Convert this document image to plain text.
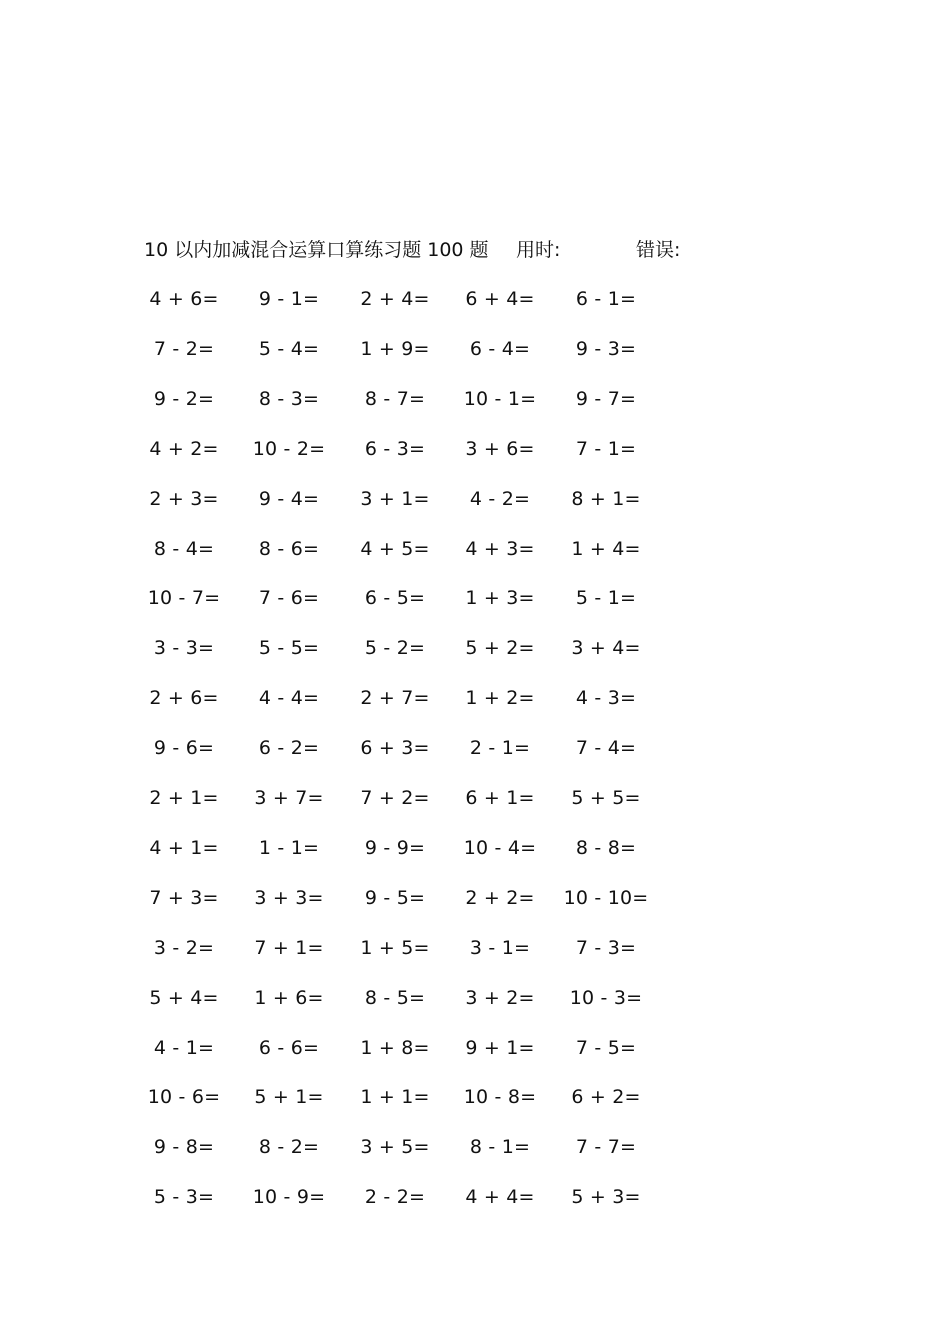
10 以内加减混合运算口算练习题 100 题 用时:	错误:
4 + 6= 9 - 1= 2 + 4= 6 + 4= 6 - 1=
7 - 2= 5 - 4= 1 + 9= 6 - 4= 9 - 3=
9 - 2= 8 - 3= 8 - 7= 10 - 1= 9 - 7=
4 + 2= 10 - 2= 6 - 3= 3 + 6= 7 - 1=
2 + 3= 9 - 4= 3 + 1= 4 - 2= 8 + 1=
8 - 4= 8 - 6= 4 + 5= 4 + 3= 1 + 4=
10 - 7= 7 - 6= 6 - 5= 1 + 3= 5 - 1=
3 - 3= 5 - 5= 5 - 2= 5 + 2= 3 + 4=
2 + 6= 4 - 4= 2 + 7= 1 + 2= 4 - 3=
9 - 6= 6 - 2= 6 + 3= 2 - 1= 7 - 4=
2 + 1= 3 + 7= 7 + 2= 6 + 1= 5 + 5=
4 + 1= 1 - 1= 9 - 9= 10 - 4= 8 - 8=
7 + 3= 3 + 3= 9 - 5= 2 + 2= 10 - 10=
3 - 2= 7 + 1= 1 + 5= 3 - 1= 7 - 3=
5 + 4= 1 + 6= 8 - 5= 3 + 2= 10 - 3=
4 - 1= 6 - 6= 1 + 8= 9 + 1= 7 - 5=
10 - 6= 5 + 1= 1 + 1= 10 - 8= 6 + 2=
9 - 8= 8 - 2= 3 + 5= 8 - 1= 7 - 7=
5 - 3= 10 - 9= 2 - 2= 4 + 4= 5 + 3=
